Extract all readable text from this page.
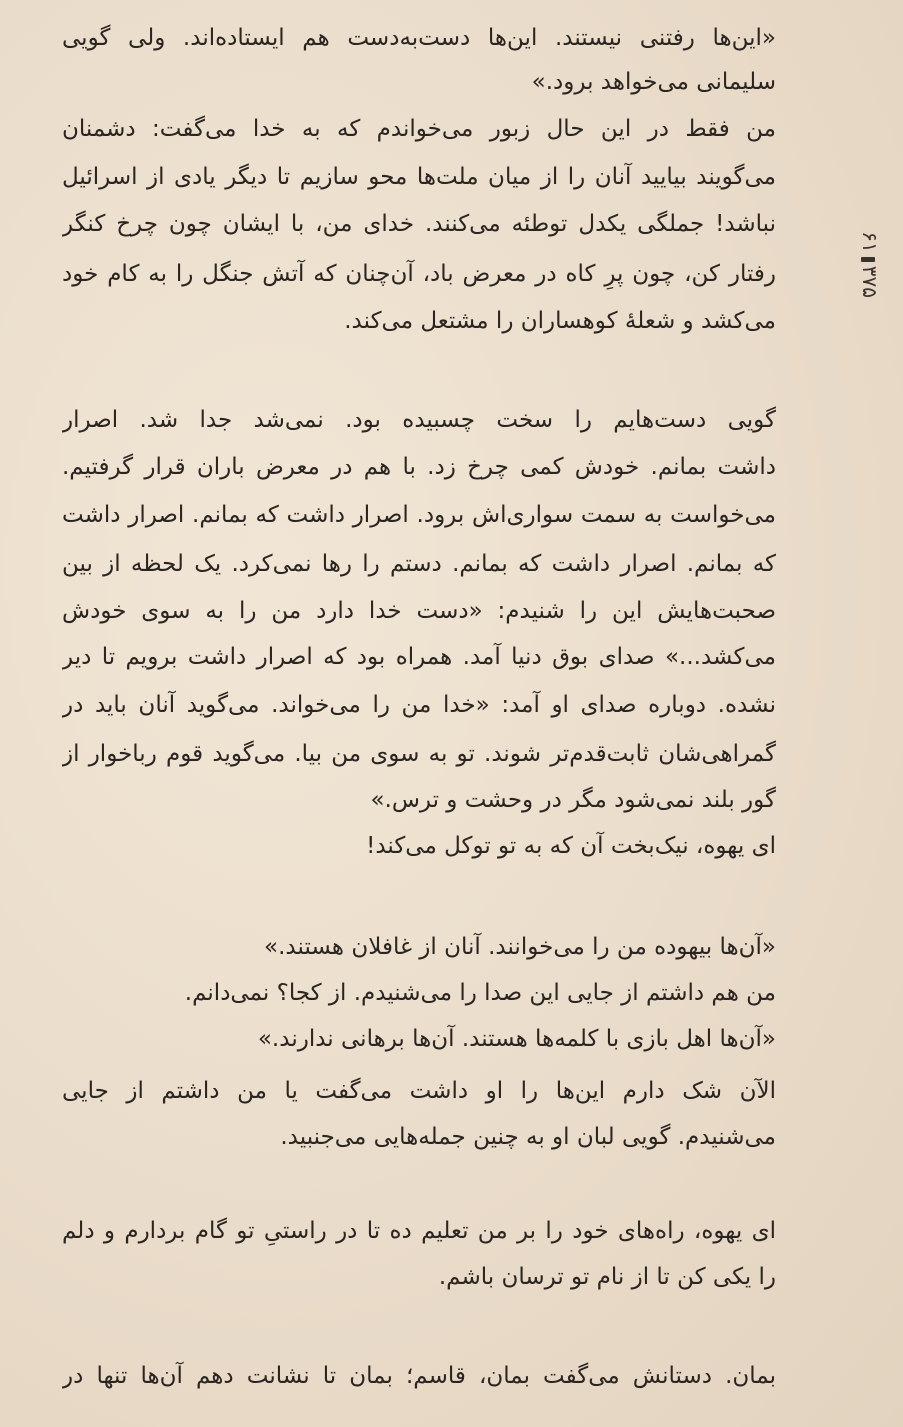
۳۷۵۶۱
«این‌ها رفتنی نیستند. این‌ها دست‌به‌دست هم ایستاده‌اند. ولی گویی
سلیمانی می‌خواهد برود.»
من فقط در این حال زبور می‌خواندم که به خدا می‌گفت: دشمنان
می‌گویند بیایید آنان را از میان ملت‌ها محو سازیم تا دیگر یادی از اسرائیل
نباشد! جملگی یکدل توطئه می‌کنند. خدای من، با ایشان چون چرخ کنگر
رفتار کن، چون پرِ کاه در معرض باد، آن‌چنان که آتش جنگل را به کام خود
می‌کشد و شعلهٔ کوهساران را مشتعل می‌کند.
گویی دست‌هایم را سخت چسبیده بود. نمی‌شد جدا شد. اصرار
داشت بمانم. خودش کمی چرخ زد. با هم در معرض باران قرار گرفتیم.
می‌خواست به سمت سواری‌اش برود. اصرار داشت که بمانم. اصرار داشت
که بمانم. اصرار داشت که بمانم. دستم را رها نمی‌کرد. یک لحظه از بین
صحبت‌هایش این را شنیدم: «دست خدا دارد من را به سوی خودش
می‌کشد...» صدای بوق دنیا آمد. همراه بود که اصرار داشت برویم تا دیر
نشده. دوباره صدای او آمد: «خدا من را می‌خواند. می‌گوید آنان باید در
گمراهی‌شان ثابت‌قدم‌تر شوند. تو به سوی من بیا. می‌گوید قوم رباخوار از
گور بلند نمی‌شود مگر در وحشت و ترس.»
ای یهوه، نیک‌بخت آن که به تو توکل می‌کند!
«آن‌ها بیهوده من را می‌خوانند. آنان از غافلان هستند.»
من هم داشتم از جایی این صدا را می‌شنیدم. از کجا؟ نمی‌دانم.
«آن‌ها اهل بازی با کلمه‌ها هستند. آن‌ها برهانی ندارند.»
الآن شک دارم این‌ها را او داشت می‌گفت یا من داشتم از جایی
می‌شنیدم. گویی لبان او به چنین جمله‌هایی می‌جنبید.
ای یهوه، راه‌های خود را بر من تعلیم ده تا در راستیِ تو گام بردارم و دلم
را یکی کن تا از نام تو ترسان باشم.
بمان. دستانش می‌گفت بمان، قاسم؛ بمان تا نشانت دهم آن‌ها تنها در
